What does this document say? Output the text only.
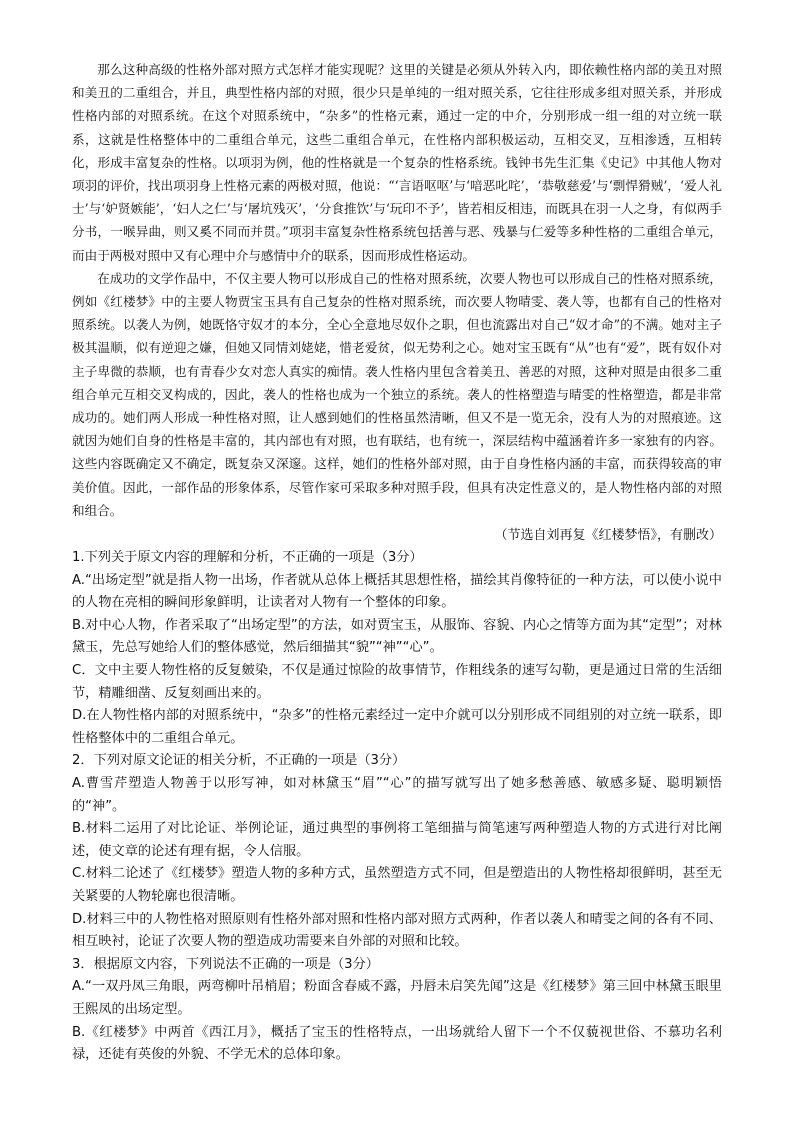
那么这种高级的性格外部对照方式怎样才能实现呢？这里的关键是必须从外转入内，即依赖性格内部的美丑对照和美丑的二重组合，并且，典型性格内部的对照，很少只是单纯的一组对照关系，它往往形成多组对照关系，并形成性格内部的对照系统。在这个对照系统中，“杂多”的性格元素，通过一定的中介，分别形成一组一组的对立统一联系，这就是性格整体中的二重组合单元，这些二重组合单元，在性格内部积极运动，互相交叉，互相渗透，互相转化，形成丰富复杂的性格。以项羽为例，他的性格就是一个复杂的性格系统。钱钟书先生汇集《史记》中其他人物对项羽的评价，找出项羽身上性格元素的两极对照，他说：“‘言语呕呕’与‘喑恶叱咤’，‘恭敬慈爱’与‘剽悍猾贼’，‘爱人礼士’与‘妒贤嫉能’，‘妇人之仁’与‘屠坑残灭’，‘分食推饮’与‘玩印不予’，皆若相反相违，而既具在羽一人之身，有似两手分书，一喉异曲，则又奚不同而并贯。”项羽丰富复杂性格系统包括善与恶、残暴与仁爱等多种性格的二重组合单元，而由于两极对照中又有心理中介与感情中介的联系，因而形成性格运动。

在成功的文学作品中，不仅主要人物可以形成自己的性格对照系统，次要人物也可以形成自己的性格对照系统，例如《红楼梦》中的主要人物贾宝玉具有自己复杂的性格对照系统，而次要人物晴雯、袭人等，也都有自己的性格对照系统。以袭人为例，她既恪守奴才的本分，全心全意地尽奴仆之职，但也流露出对自己“奴才命”的不满。她对主子极其温顺，似有逆迎之嫌，但她又同情刘姥姥，惜老爱贫，似无势利之心。她对宝玉既有“从”也有“爱”，既有奴仆对主子卑微的恭顺，也有青春少女对恋人真实的痴情。袭人性格内里包含着美丑、善恶的对照，这种对照是由很多二重组合单元互相交叉构成的，因此，袭人的性格也成为一个独立的系统。袭人的性格塑造与晴雯的性格塑造，都是非常成功的。她们两人形成一种性格对照，让人感到她们的性格虽然清晰，但又不是一览无余，没有人为的对照痕迹。这就因为她们自身的性格是丰富的，其内部也有对照，也有联结，也有统一，深层结构中蕴涵着许多一家独有的内容。这些内容既确定又不确定，既复杂又深邃。这样，她们的性格外部对照，由于自身性格内涵的丰富，而获得较高的审美价值。因此，一部作品的形象体系，尽管作家可采取多种对照手段，但具有决定性意义的，是人物性格内部的对照和组合。

（节选自刘再复《红楼梦悟》，有删改）

1.下列关于原文内容的理解和分析，不正确的一项是（3分）

A.“出场定型”就是指人物一出场，作者就从总体上概括其思想性格，描绘其肖像特征的一种方法，可以使小说中的人物在亮相的瞬间形象鲜明，让读者对人物有一个整体的印象。

B.对中心人物，作者采取了“出场定型”的方法，如对贾宝玉，从服饰、容貌、内心之情等方面为其“定型”；对林黛玉，先总写她给人们的整体感觉，然后细描其“貌”“神”“心”。

C．文中主要人物性格的反复皴染，不仅是通过惊险的故事情节，作粗线条的速写勾勒，更是通过日常的生活细节，精雕细凿、反复刻画出来的。

D.在人物性格内部的对照系统中，“杂多”的性格元素经过一定中介就可以分别形成不同组别的对立统一联系，即性格整体中的二重组合单元。

2．下列对原文论证的相关分析，不正确的一项是（3分）

A.曹雪芹塑造人物善于以形写神，如对林黛玉“眉”“心”的描写就写出了她多愁善感、敏感多疑、聪明颖悟的“神”。

B.材料二运用了对比论证、举例论证，通过典型的事例将工笔细描与简笔速写两种塑造人物的方式进行对比阐述，使文章的论述有理有据，令人信服。

C.材料二论述了《红楼梦》塑造人物的多种方式，虽然塑造方式不同，但是塑造出的人物性格却很鲜明，甚至无关紧要的人物轮廓也很清晰。

D.材料三中的人物性格对照原则有性格外部对照和性格内部对照方式两种，作者以袭人和晴雯之间的各有不同、相互映衬，论证了次要人物的塑造成功需要来自外部的对照和比较。

3．根据原文内容，下列说法不正确的一项是（3分）

A.“一双丹凤三角眼，两弯柳叶吊梢眉；粉面含春威不露，丹唇未启笑先闻”这是《红楼梦》第三回中林黛玉眼里王熙凤的出场定型。

B.《红楼梦》中两首《西江月》，概括了宝玉的性格特点，一出场就给人留下一个不仅藐视世俗、不慕功名利禄，还徒有英俊的外貌、不学无术的总体印象。
